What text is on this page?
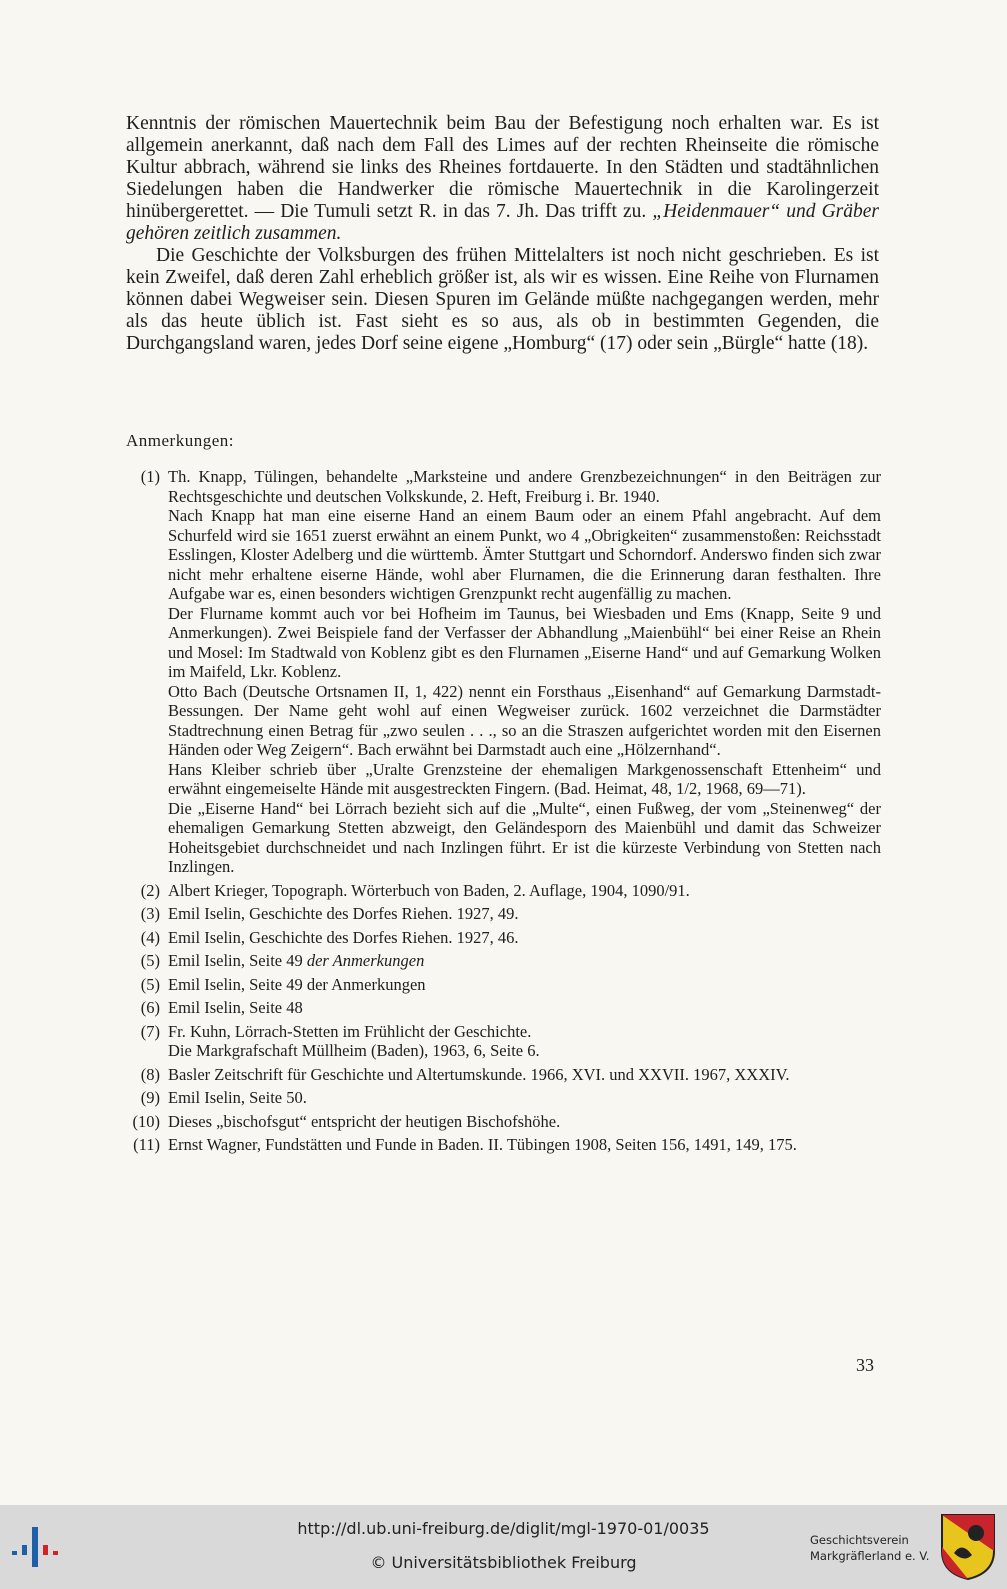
Kenntnis der römischen Mauertechnik beim Bau der Befestigung noch erhalten war. Es ist allgemein anerkannt, daß nach dem Fall des Limes auf der rechten Rheinseite die römische Kultur abbrach, während sie links des Rheines fortdauerte. In den Städten und stadtähnlichen Siedelungen haben die Handwerker die römische Mauertechnik in die Karolingerzeit hinübergerettet. — Die Tumuli setzt R. in das 7. Jh. Das trifft zu. „Heidenmauer“ und Gräber gehören zeitlich zusammen.

Die Geschichte der Volksburgen des frühen Mittelalters ist noch nicht geschrieben. Es ist kein Zweifel, daß deren Zahl erheblich größer ist, als wir es wissen. Eine Reihe von Flurnamen können dabei Wegweiser sein. Diesen Spuren im Gelände müßte nachgegangen werden, mehr als das heute üblich ist. Fast sieht es so aus, als ob in bestimmten Gegenden, die Durchgangsland waren, jedes Dorf seine eigene „Homburg“ (17) oder sein „Bürgle“ hatte (18).

Anmerkungen:
(1) Th. Knapp, Tülingen, behandelte „Marksteine und andere Grenzbezeichnungen“ in den Beiträgen zur Rechtsgeschichte und deutschen Volkskunde, 2. Heft, Freiburg i. Br. 1940.

Nach Knapp hat man eine eiserne Hand an einem Baum oder an einem Pfahl angebracht. Auf dem Schurfeld wird sie 1651 zuerst erwähnt an einem Punkt, wo 4 „Obrigkeiten“ zusammenstoßen: Reichsstadt Esslingen, Kloster Adelberg und die württemb. Ämter Stuttgart und Schorndorf. Anderswo finden sich zwar nicht mehr erhaltene eiserne Hände, wohl aber Flurnamen, die die Erinnerung daran festhalten. Ihre Aufgabe war es, einen besonders wichtigen Grenzpunkt recht augenfällig zu machen.

Der Flurname kommt auch vor bei Hofheim im Taunus, bei Wiesbaden und Ems (Knapp, Seite 9 und Anmerkungen). Zwei Beispiele fand der Verfasser der Abhandlung „Maienbühl“ bei einer Reise an Rhein und Mosel: Im Stadtwald von Koblenz gibt es den Flurnamen „Eiserne Hand“ und auf Gemarkung Wolken im Maifeld, Lkr. Koblenz.

Otto Bach (Deutsche Ortsnamen II, 1, 422) nennt ein Forsthaus „Eisenhand“ auf Gemarkung Darmstadt-Bessungen. Der Name geht wohl auf einen Wegweiser zurück. 1602 verzeichnet die Darmstädter Stadtrechnung einen Betrag für „zwo seulen . . ., so an die Straszen aufgerichtet worden mit den Eisernen Händen oder Weg Zeigern“. Bach erwähnt bei Darmstadt auch eine „Hölzernhand“.

Hans Kleiber schrieb über „Uralte Grenzsteine der ehemaligen Markgenossenschaft Ettenheim“ und erwähnt eingemeiselte Hände mit ausgestreckten Fingern. (Bad. Heimat, 48, 1/2, 1968, 69—71).

Die „Eiserne Hand“ bei Lörrach bezieht sich auf die „Multe“, einen Fußweg, der vom „Steinenweg“ der ehemaligen Gemarkung Stetten abzweigt, den Geländesporn des Maienbühl und damit das Schweizer Hoheitsgebiet durchschneidet und nach Inzlingen führt. Er ist die kürzeste Verbindung von Stetten nach Inzlingen.

(2) Albert Krieger, Topograph. Wörterbuch von Baden, 2. Auflage, 1904, 1090/91.

(3) Emil Iselin, Geschichte des Dorfes Riehen. 1927, 49.

(4) Emil Iselin, Geschichte des Dorfes Riehen. 1927, 46.

(5) Emil Iselin, Seite 49 der Anmerkungen

(5) Emil Iselin, Seite 49 der Anmerkungen

(6) Emil Iselin, Seite 48

(7) Fr. Kuhn, Lörrach-Stetten im Frühlicht der Geschichte.

Die Markgrafschaft Müllheim (Baden), 1963, 6, Seite 6.

(8) Basler Zeitschrift für Geschichte und Altertumskunde. 1966, XVI. und XXVII. 1967, XXXIV.

(9) Emil Iselin, Seite 50.

(10) Dieses „bischofsgut“ entspricht der heutigen Bischofshöhe.

(11) Ernst Wagner, Fundstätten und Funde in Baden. II. Tübingen 1908, Seiten 156, 1491, 149, 175.

33
http://dl.ub.uni-freiburg.de/diglit/mgl-1970-01/0035
© Universitätsbibliothek Freiburg
Geschichtsverein
Markgräflerland e. V.
